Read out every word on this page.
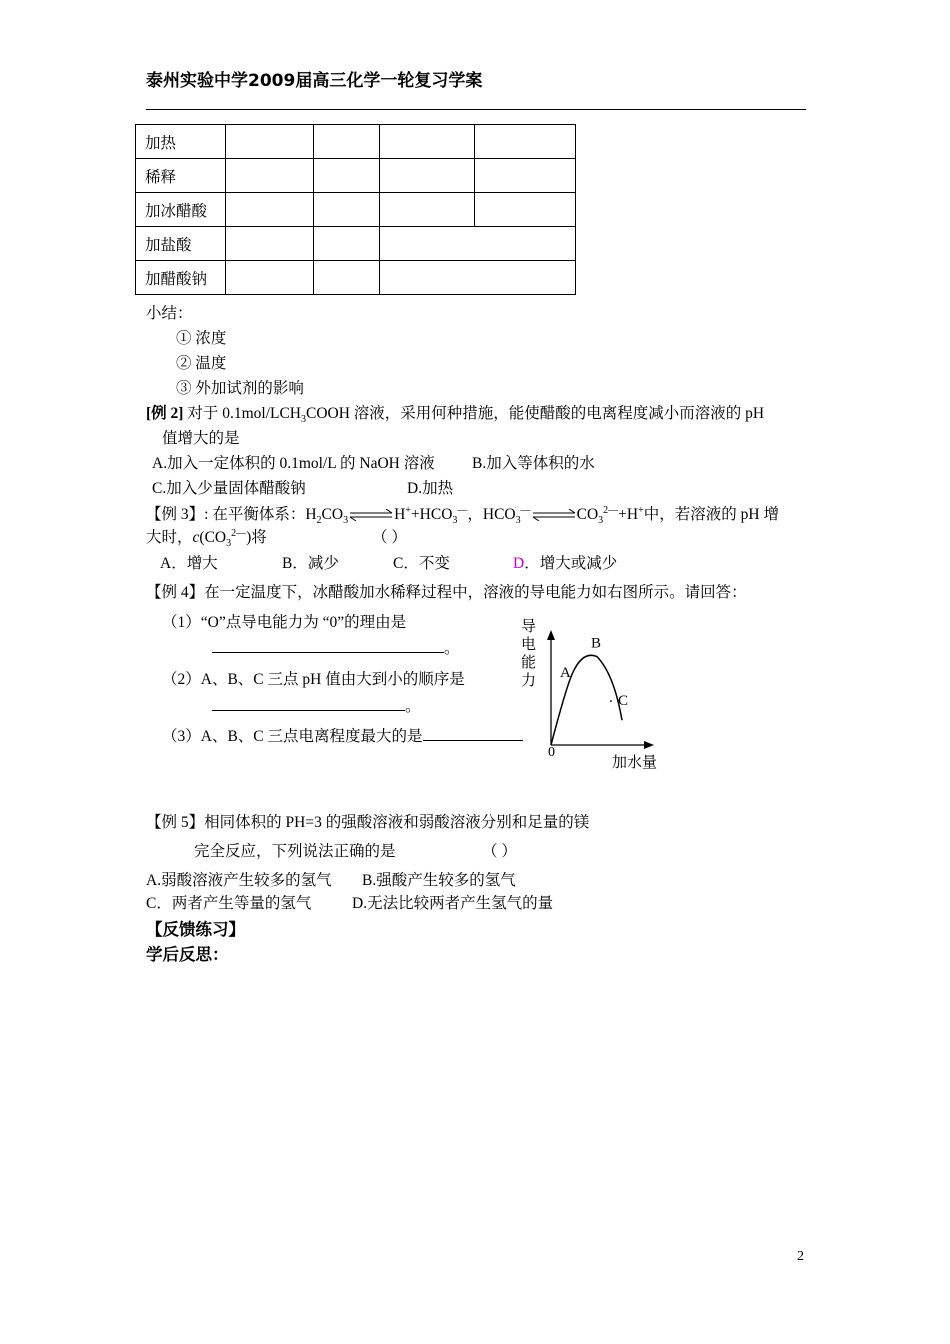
泰州实验中学2009届高三化学一轮复习学案
加热				
稀释				
加冰醋酸				
加盐酸				
加醋酸钠				
小结：
① 浓度
② 温度
③ 外加试剂的影响
[例 2] 对于 $0.1mol/LCH_3COOH$ 溶液，采用何种措施，能使醋酸的电离程度减小而溶液的 pH
值增大的是
A.加入一定体积的 0.1mol/L 的 NaOH 溶液 B.加入等体积的水
C.加入少量固体醋酸钠	D.加热
【例 3】: 在平衡体系：$H_2CO_3\rightleftharpoons H^++HCO_3^—$，$HCO_3^—\rightleftharpoons CO_3^{2—}+H^+$中，若溶液的 pH 增
大时，$c(CO_3^{2—})$将	（ ）
A．增大	B．减少	C．不变	D．增大或减少
【例 4】在一定温度下，冰醋酸加水稀释过程中，溶液的导电能力如右图所示。请回答：
（1）“O”点导电能力为 “0”的理由是
。
（2）A、B、C 三点 pH 值由大到小的顺序是
。
（3）A、B、C 三点电离程度最大的是
导
电
能
力
0
加水量
A
B
. C
【例 5】相同体积的 PH=3 的强酸溶液和弱酸溶液分别和足量的镁
完全反应，下列说法正确的是	（ ）
A.弱酸溶液产生较多的氢气 B.强酸产生较多的氢气
C．两者产生等量的氢气	D.无法比较两者产生氢气的量
【反馈练习】
学后反思：
2
